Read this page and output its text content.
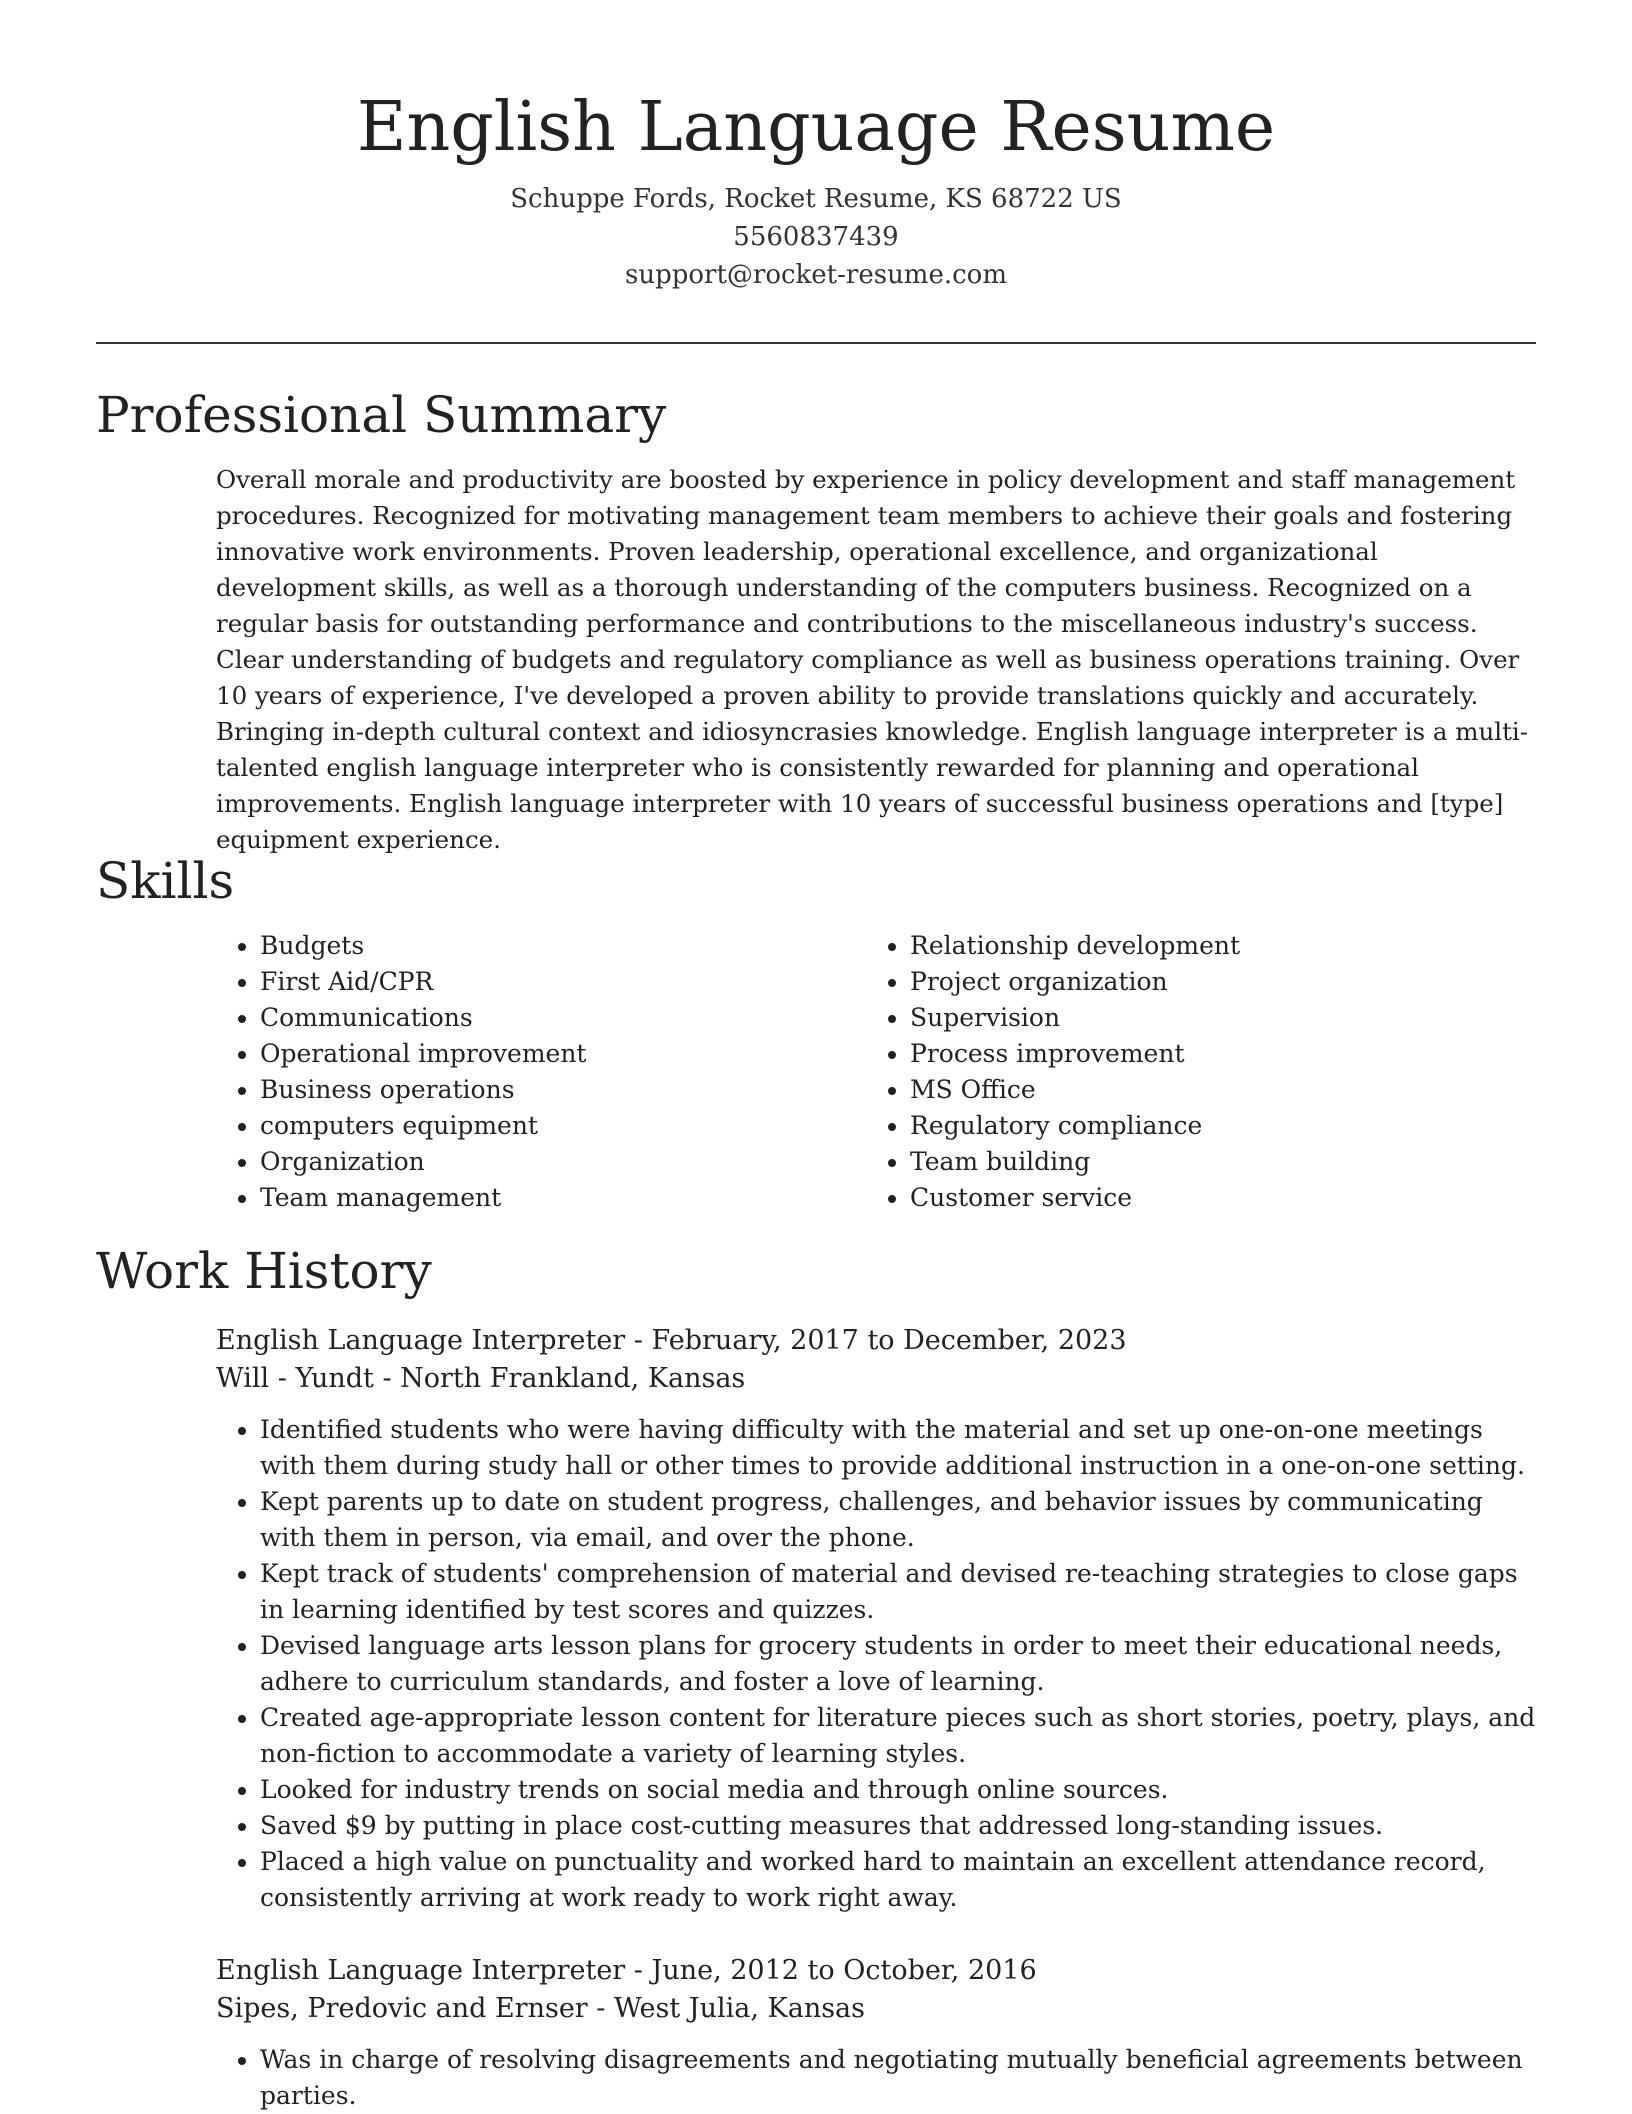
English Language Resume
Schuppe Fords, Rocket Resume, KS 68722 US
5560837439
support@rocket-resume.com
Professional Summary

Overall morale and productivity are boosted by experience in policy development and staff management procedures. Recognized for motivating management team members to achieve their goals and fostering innovative work environments. Proven leadership, operational excellence, and organizational development skills, as well as a thorough understanding of the computers business. Recognized on a regular basis for outstanding performance and contributions to the miscellaneous industry's success. Clear understanding of budgets and regulatory compliance as well as business operations training. Over 10 years of experience, I've developed a proven ability to provide translations quickly and accurately. Bringing in-depth cultural context and idiosyncrasies knowledge. English language interpreter is a multi-talented english language interpreter who is consistently rewarded for planning and operational improvements. English language interpreter with 10 years of successful business operations and [type] equipment experience.

Skills
• Budgets
• First Aid/CPR
• Communications
• Operational improvement
• Business operations
• computers equipment
• Organization
• Team management
• Relationship development
• Project organization
• Supervision
• Process improvement
• MS Office
• Regulatory compliance
• Team building
• Customer service
Work History
English Language Interpreter - February, 2017 to December, 2023
Will - Yundt - North Frankland, Kansas
• Identified students who were having difficulty with the material and set up one-on-one meetings with them during study hall or other times to provide additional instruction in a one-on-one setting.
• Kept parents up to date on student progress, challenges, and behavior issues by communicating with them in person, via email, and over the phone.
• Kept track of students' comprehension of material and devised re-teaching strategies to close gaps in learning identified by test scores and quizzes.
• Devised language arts lesson plans for grocery students in order to meet their educational needs, adhere to curriculum standards, and foster a love of learning.
• Created age-appropriate lesson content for literature pieces such as short stories, poetry, plays, and non-fiction to accommodate a variety of learning styles.
• Looked for industry trends on social media and through online sources.
• Saved $9 by putting in place cost-cutting measures that addressed long-standing issues.
• Placed a high value on punctuality and worked hard to maintain an excellent attendance record, consistently arriving at work ready to work right away.
English Language Interpreter - June, 2012 to October, 2016
Sipes, Predovic and Ernser - West Julia, Kansas
• Was in charge of resolving disagreements and negotiating mutually beneficial agreements between parties.
